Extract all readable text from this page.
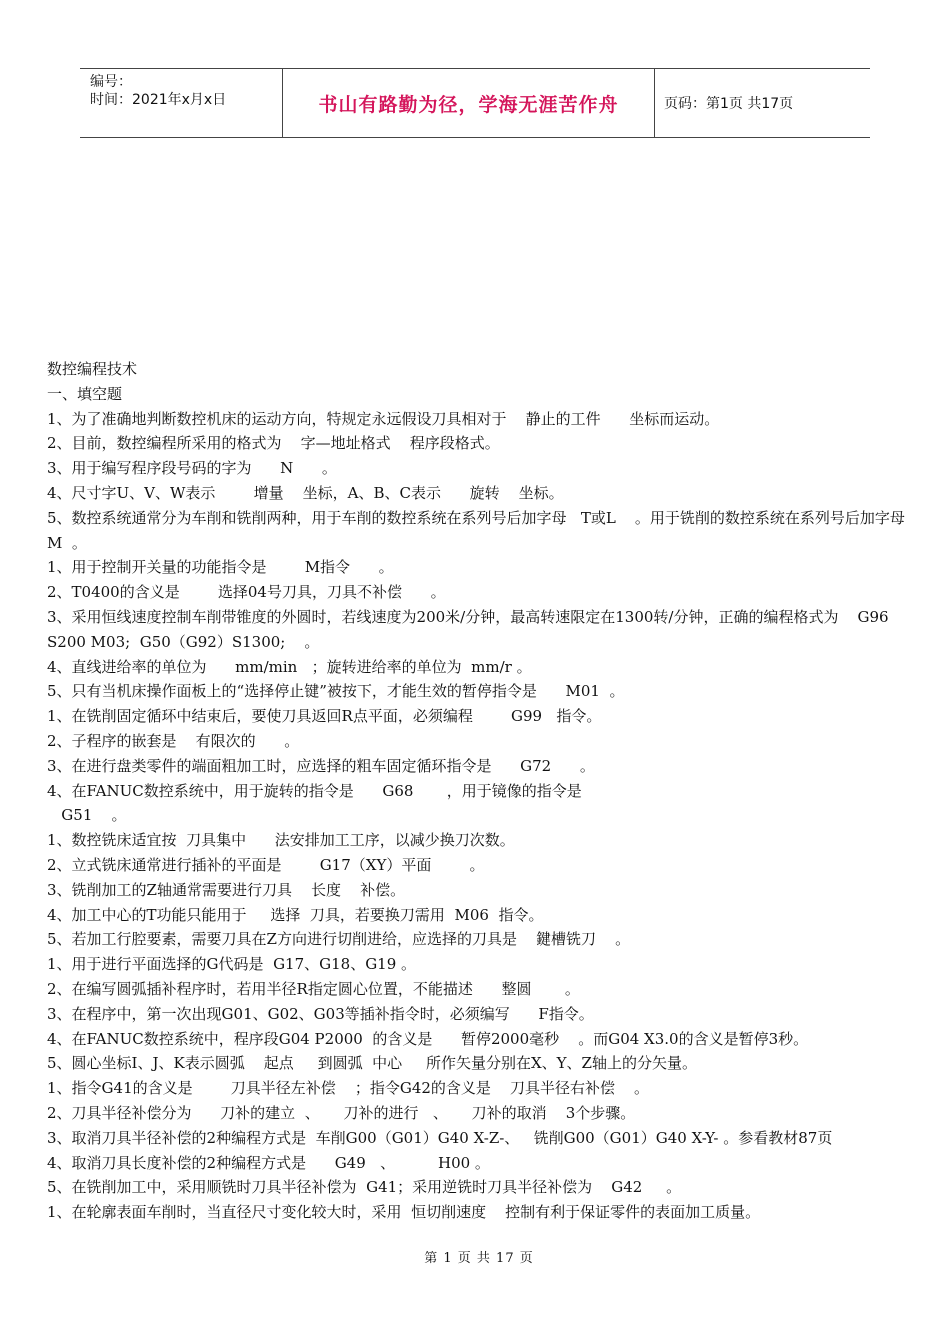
编号：
时间：2021年x月x日	书山有路勤为径，学海无涯苦作舟	页码：第1页 共17页
数控编程技术
一、填空题
1、为了准确地判断数控机床的运动方向，特规定永远假设刀具相对于    静止的工件      坐标而运动。
2、目前，数控编程所采用的格式为    字—地址格式    程序段格式。
3、用于编写程序段号码的字为      N      。
4、尺寸字U、V、W表示        增量    坐标，A、B、C表示      旋转    坐标。
5、数控系统通常分为车削和铣削两种，用于车削的数控系统在系列号后加字母   T或L    。用于铣削的数控系统在系列号后加字母    M  。
1、用于控制开关量的功能指令是        M指令      。
2、T0400的含义是        选择04号刀具，刀具不补偿      。
3、采用恒线速度控制车削带锥度的外圆时，若线速度为200米/分钟，最高转速限定在1300转/分钟，正确的编程格式为    G96 S200 M03;  G50（G92）S1300;    。
4、直线进给率的单位为      mm/min   ；旋转进给率的单位为  mm/r 。
5、只有当机床操作面板上的“选择停止键”被按下，才能生效的暂停指令是      M01  。
1、在铣削固定循环中结束后，要使刀具返回R点平面，必须编程        G99   指令。
2、子程序的嵌套是    有限次的      。
3、在进行盘类零件的端面粗加工时，应选择的粗车固定循环指令是      G72      。
4、在FANUC数控系统中，用于旋转的指令是      G68       ，用于镜像的指令是
G51    。
1、数控铣床适宜按  刀具集中      法安排加工工序，以减少换刀次数。
2、立式铣床通常进行插补的平面是        G17（XY）平面        。
3、铣削加工的Z轴通常需要进行刀具    长度    补偿。
4、加工中心的T功能只能用于     选择  刀具，若要换刀需用  M06  指令。
5、若加工行腔要素，需要刀具在Z方向进行切削进给，应选择的刀具是    鍵槽铣刀    。
1、用于进行平面选择的G代码是  G17、G18、G19 。
2、在编写圆弧插补程序时，若用半径R指定圆心位置，不能描述      整圆       。
3、在程序中，第一次出现G01、G02、G03等插补指令时，必须编写      F指令。
4、在FANUC数控系统中，程序段G04 P2000  的含义是      暂停2000毫秒    。而G04 X3.0的含义是暂停3秒。
5、圆心坐标I、J、K表示圆弧    起点     到圆弧  中心     所作矢量分别在X、Y、Z轴上的分矢量。
1、指令G41的含义是        刀具半径左补偿    ；指令G42的含义是    刀具半径右补偿    。
2、刀具半径补偿分为      刀补的建立  、     刀补的进行   、     刀补的取消    3个步骤。
3、取消刀具半径补偿的2种编程方式是  车削G00（G01）G40 X-Z-、   铣削G00（G01）G40 X-Y- 。参看教材87页
4、取消刀具长度补偿的2种编程方式是      G49   、         H00 。
5、在铣削加工中，采用顺铣时刀具半径补偿为  G41；采用逆铣时刀具半径补偿为    G42     。
1、在轮廓表面车削时，当直径尺寸变化较大时，采用  恒切削速度    控制有利于保证零件的表面加工质量。
第 1 页 共 17 页
